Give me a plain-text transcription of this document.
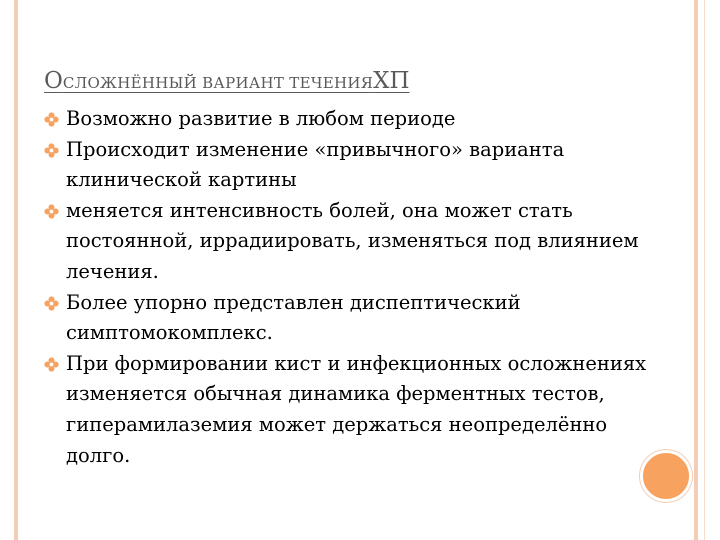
ОСЛОЖНЁННЫЙ ВАРИАНТ ТЕЧЕНИЯХП
Возможно развитие в любом периоде
Происходит изменение «привычного» варианта клинической картины
меняется интенсивность болей, она может стать постоянной, иррадиировать, изменяться под влиянием лечения.
Более упорно представлен диспептический симптомокомплекс.
При формировании кист и инфекционных осложнениях изменяется обычная динамика ферментных тестов, гиперамилаземия может держаться неопределённо долго.
